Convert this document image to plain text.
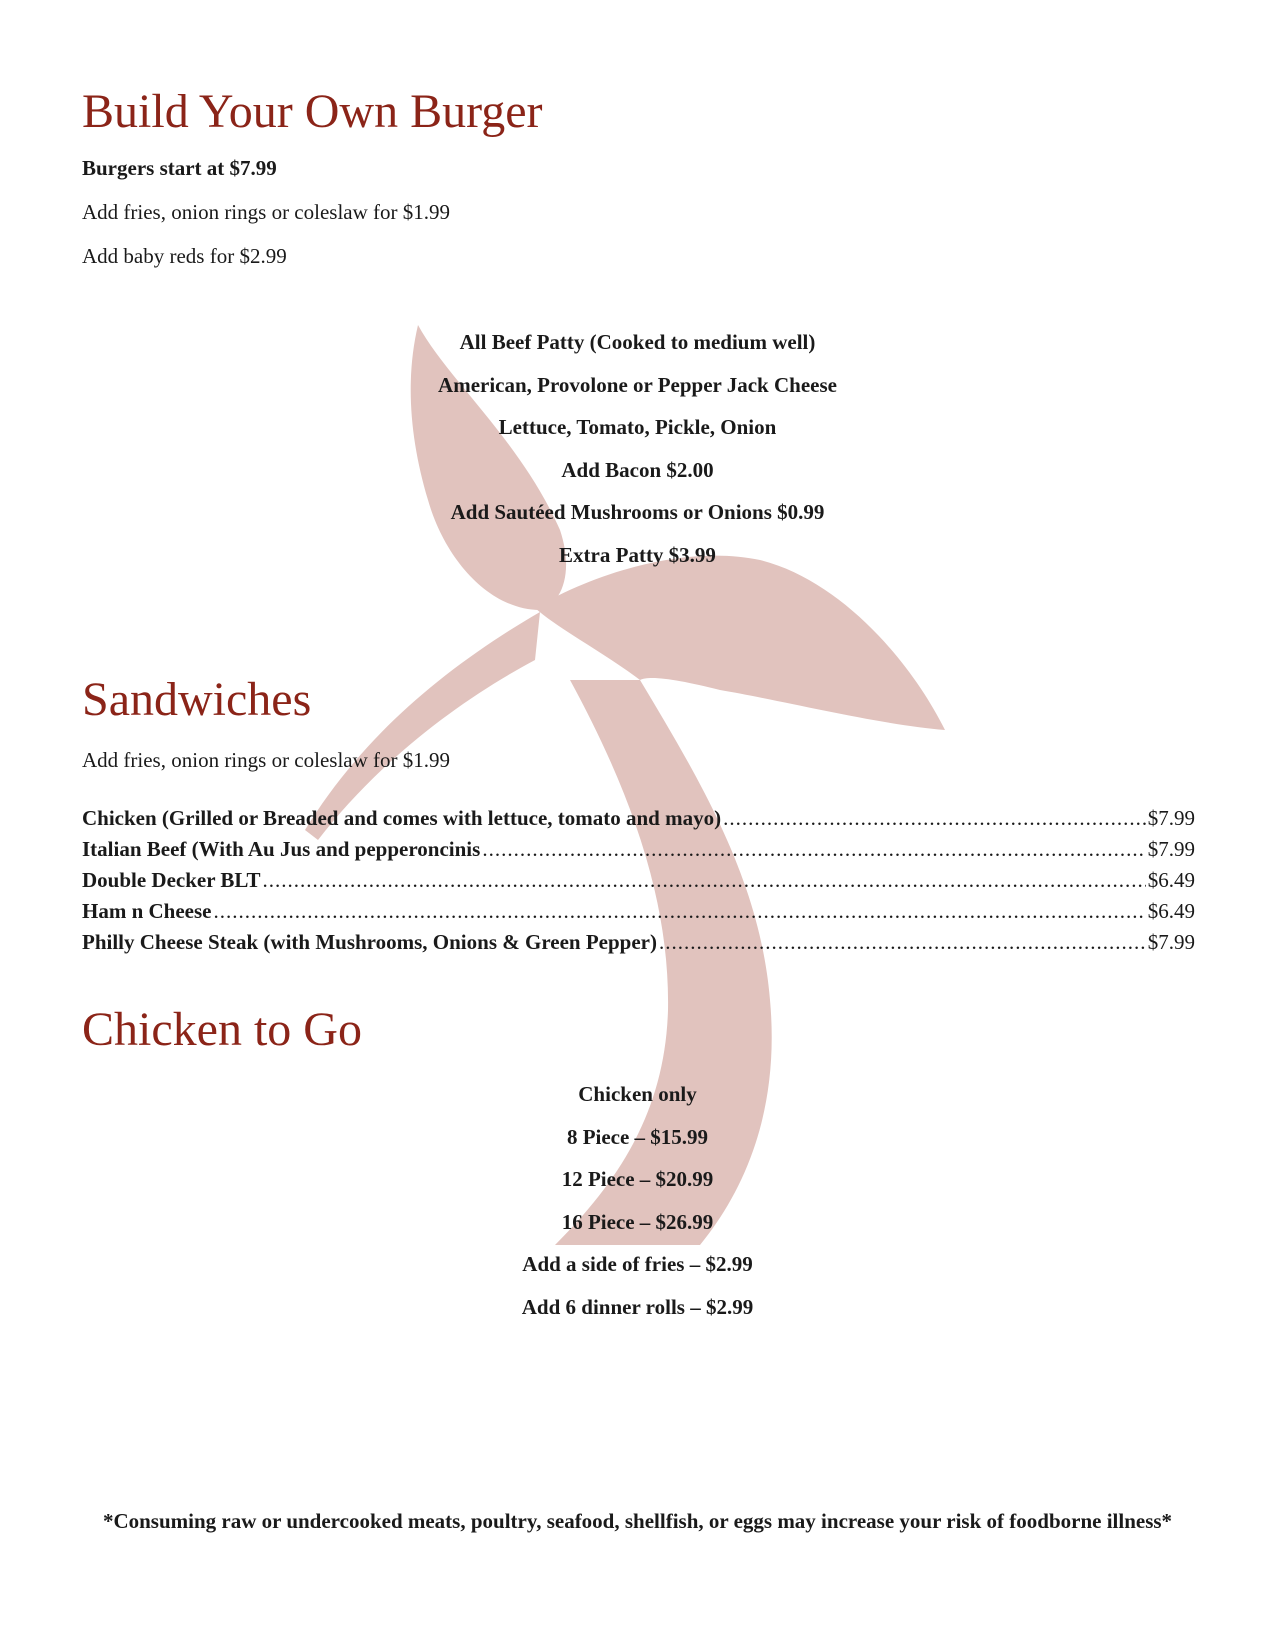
Build Your Own Burger

Burgers start at $7.99

Add fries, onion rings or coleslaw for $1.99

Add baby reds for $2.99

All Beef Patty (Cooked to medium well)

American, Provolone or Pepper Jack Cheese

Lettuce, Tomato, Pickle, Onion

Add Bacon $2.00

Add Sautéed Mushrooms or Onions $0.99

Extra Patty $3.99

Sandwiches

Add fries, onion rings or coleslaw for $1.99

Chicken (Grilled or Breaded and comes with lettuce, tomato and mayo) .....	$7.99
Italian Beef (With Au Jus and pepperoncinis .....	$7.99
Double Decker BLT .....	$6.49
Ham n Cheese .....	$6.49
Philly Cheese Steak (with Mushrooms, Onions & Green Pepper) .....	$7.99
Chicken to Go

Chicken only

8 Piece – $15.99

12 Piece – $20.99

16 Piece – $26.99

Add a side of fries – $2.99

Add 6 dinner rolls – $2.99

*Consuming raw or undercooked meats, poultry, seafood, shellfish, or eggs may increase your risk of foodborne illness*
